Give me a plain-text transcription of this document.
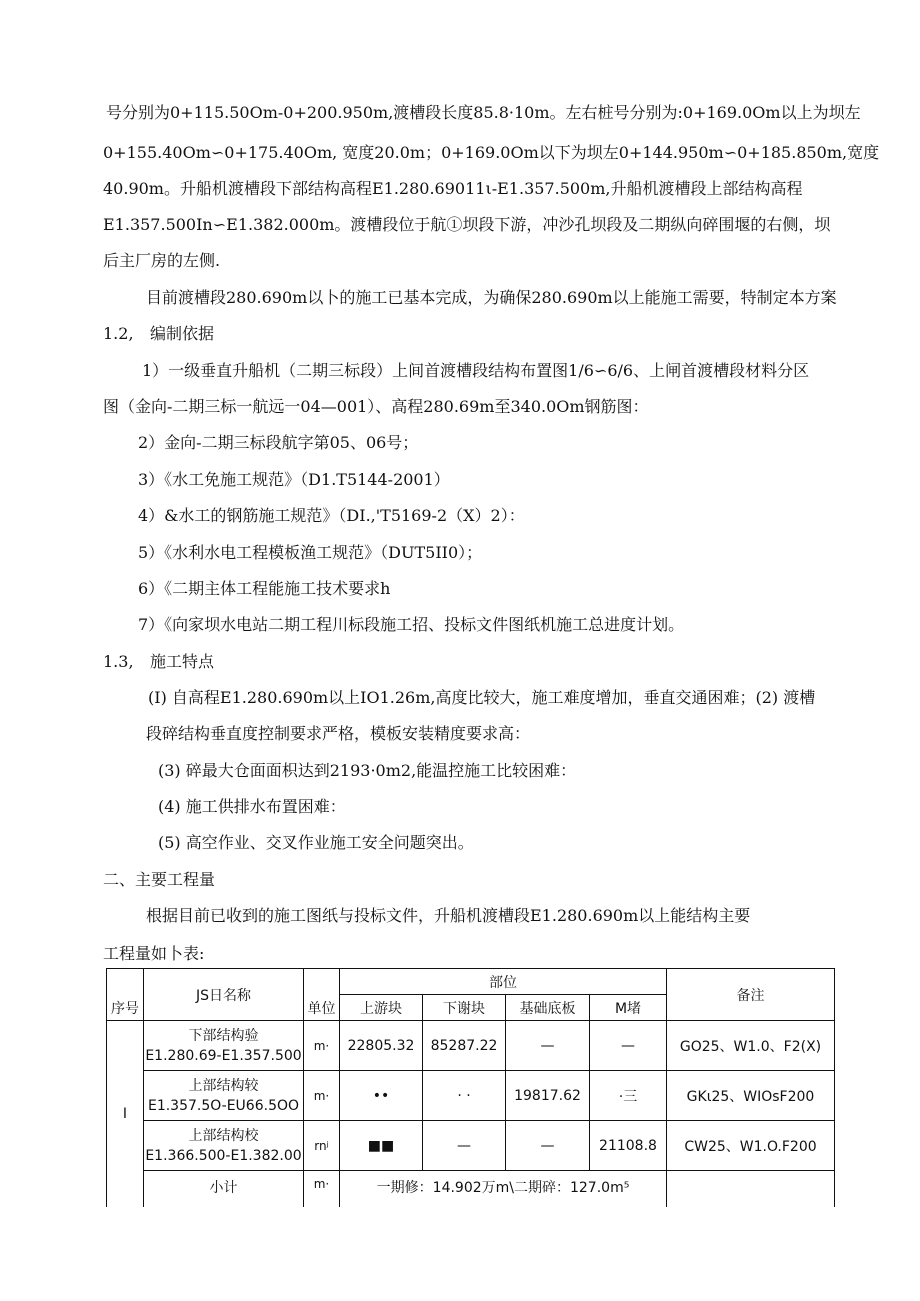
号分别为0+115.50Om-0+200.950m,渡槽段长度85.8·10m。左右桩号分别为:0+169.0Om以上为坝左
0+155.40Om∽0+175.40Om, 宽度20.0m；0+169.0Om以下为坝左0+144.950m∽0+185.850m,宽度
40.90m。升船机渡槽段下部结构高程E1.280.69011ι-E1.357.500m,升船机渡槽段上部结构高程
E1.357.500In∽E1.382.000m。渡槽段位于航①坝段下游，冲沙孔坝段及二期纵向碎围堰的右侧，坝
后主厂房的左侧.
目前渡槽段280.690m以卜的施工已基本完成，为确保280.690m以上能施工需要，特制定本方案
1.2, 编制依据
1）一级垂直升船机（二期三标段）上间首渡槽段结构布置图1/6∽6/6、上闸首渡槽段材料分区
图（金向-二期三标一航远一04—001）、高程280.69m至340.0Om钢筋图：
2）金向-二期三标段航字第05、06号；
3）《水工免施工规范》（D1.T5144-2001）
4）&水工的钢筋施工规范》（DI.,'T5169-2（X）2）：
5）《水利水电工程模板渔工规范》（DUT5II0）；
6）《二期主体工程能施工技术要求h
7）《向家坝水电站二期工程川标段施工招、投标文件图纸机施工总进度计划。
1.3, 施工特点
(I) 自高程E1.280.690m以上IO1.26m,高度比较大，施工难度增加，垂直交通困难；(2) 渡槽
段碎结构垂直度控制要求严格，模板安装精度要求高：
(3) 碎最大仓面面枳达到2193·0m2,能温控施工比较困难：
(4) 施工供排水布置困难：
(5) 高空作业、交叉作业施工安全问题突出。
二、主要工程量
根据目前已收到的施工图纸与投标文件，升船机渡槽段E1.280.690m以上能结构主要
工程量如卜表:
序号	JS日名称	单位	部位				备注
			上游块	下谢块	基础底板	M堵	
I	下部结构验
E1.280.69-E1.357.500	m·	22805.32	85287.22	—	—	GO25、W1.0、F2(X)

	上部结构较
E1.357.5O-EU66.5OO	m·	••	· ·	19817.62	·三	GKι25、WIOsF200

	上部结构校
E1.366.500-E1.382.00	rnʲ	■■	—	—	21108.8	CW25、W1.O.F200
	小计	m·	一期修：14.902万m\二期碎：127.0m⁵				
